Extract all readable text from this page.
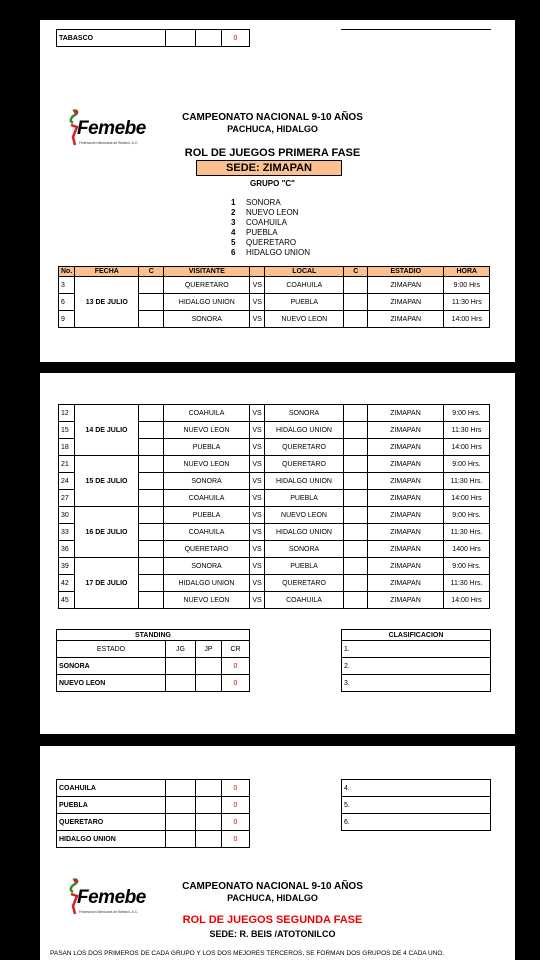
TABASCO			0
Femebe
Federación Mexicana de Béisbol, A.C.
CAMPEONATO NACIONAL 9-10 AÑOS
PACHUCA, HIDALGO
ROL DE JUEGOS PRIMERA FASE
SEDE: ZIMAPAN
GRUPO "C"
1 SONORA
2 NUEVO LEON
3 COAHUILA
4 PUEBLA
5 QUERETARO
6 HIDALGO UNION
No.	FECHA	C	VISITANTE		LOCAL	C	ESTADIO	HORA
3	13 DE JULIO		QUERETARO	VS	COAHUILA		ZIMAPAN	9:00 Hrs
6			HIDALGO UNION	VS	PUEBLA		ZIMAPAN	11:30 Hrs
9			SONORA	VS	NUEVO LEON		ZIMAPAN	14:00 Hrs
12	14 DE JULIO		COAHUILA	VS	SONORA		ZIMAPAN	9:00 Hrs.
15			NUEVO LEON	VS	HIDALGO UNION		ZIMAPAN	11:30 Hrs
18			PUEBLA	VS	QUERETARO		ZIMAPAN	14:00 Hrs
21	15 DE JULIO		NUEVO LEON	VS	QUERETARO		ZIMAPAN	9:00 Hrs.
24			SONORA	VS	HIDALGO UNION		ZIMAPAN	11:30 Hrs.
27			COAHUILA	VS	PUEBLA		ZIMAPAN	14:00 Hrs
30	16 DE JULIO		PUEBLA	VS	NUEVO LEON		ZIMAPAN	9:00 Hrs.
33			COAHUILA	VS	HIDALGO UNION		ZIMAPAN	11:30 Hrs.
36			QUERETARO	VS	SONORA		ZIMAPAN	1400 Hrs
39	17 DE JULIO		SONORA	VS	PUEBLA		ZIMAPAN	9:00 Hrs.
42			HIDALGO UNION	VS	QUERETARO		ZIMAPAN	11:30 Hrs.
45			NUEVO LEON	VS	COAHUILA		ZIMAPAN	14:00 Hrs
STANDING			
ESTADO	JG	JP	CR
SONORA			0
NUEVO LEON			0
CLASIFICACION
1.
2.
3.
COAHUILA			0
PUEBLA			0
QUERETARO			0
HIDALGO UNION			0
4.
5.
6.
Femebe
Federación Mexicana de Béisbol, A.C.
CAMPEONATO NACIONAL 9-10 AÑOS
PACHUCA, HIDALGO
ROL DE JUEGOS SEGUNDA FASE
SEDE: R. BEIS /ATOTONILCO
PASAN LOS DOS PRIMEROS DE CADA GRUPO Y LOS DOS MEJORES TERCEROS, SE FORMAN DOS GRUPOS DE 4 CADA UNO.
